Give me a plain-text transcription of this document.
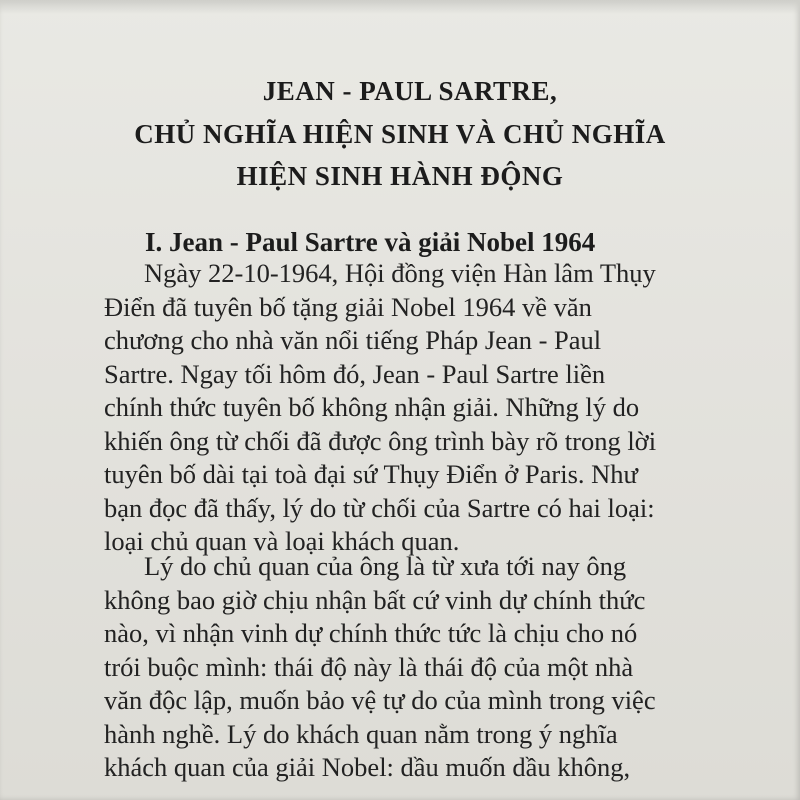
JEAN - PAUL SARTRE,
CHỦ NGHĨA HIỆN SINH VÀ CHỦ NGHĨA
HIỆN SINH HÀNH ĐỘNG
I. Jean - Paul Sartre và giải Nobel 1964

Ngày 22-10-1964, Hội đồng viện Hàn lâm Thụy
Điển đã tuyên bố tặng giải Nobel 1964 về văn
chương cho nhà văn nổi tiếng Pháp Jean - Paul
Sartre. Ngay tối hôm đó, Jean - Paul Sartre liền
chính thức tuyên bố không nhận giải. Những lý do
khiến ông từ chối đã được ông trình bày rõ trong lời
tuyên bố dài tại toà đại sứ Thụy Điển ở Paris. Như
bạn đọc đã thấy, lý do từ chối của Sartre có hai loại:
loại chủ quan và loại khách quan.

Lý do chủ quan của ông là từ xưa tới nay ông
không bao giờ chịu nhận bất cứ vinh dự chính thức
nào, vì nhận vinh dự chính thức tức là chịu cho nó
trói buộc mình: thái độ này là thái độ của một nhà
văn độc lập, muốn bảo vệ tự do của mình trong việc
hành nghề. Lý do khách quan nằm trong ý nghĩa
khách quan của giải Nobel: dầu muốn dầu không,
